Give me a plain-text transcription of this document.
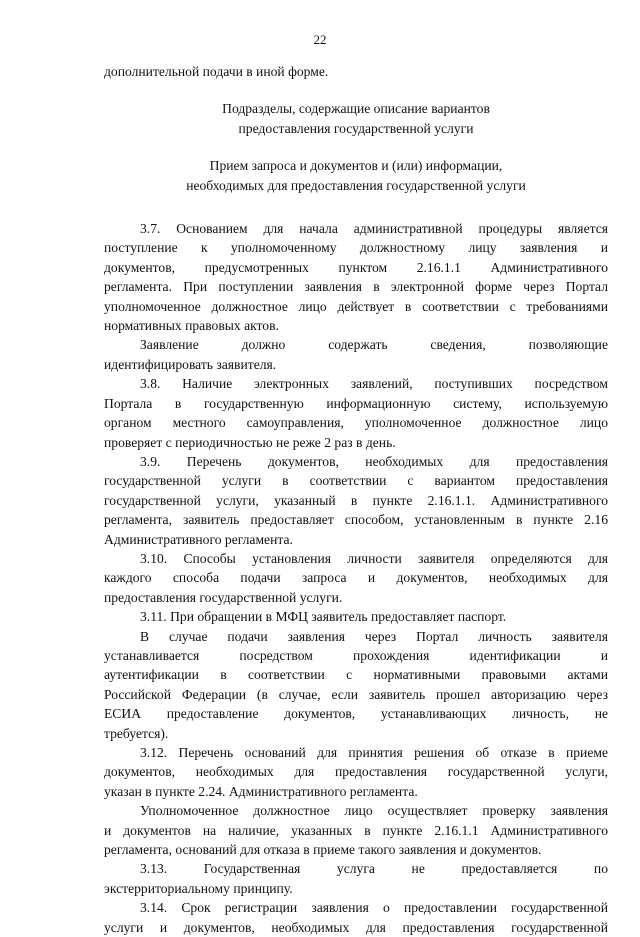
22
дополнительной подачи в иной форме.
Подразделы, содержащие описание вариантов
предоставления государственной услуги
Прием запроса и документов и (или) информации,
необходимых для предоставления государственной услуги
3.7. Основанием для начала административной процедуры является
поступление к уполномоченному должностному лицу заявления и
документов, предусмотренных пунктом 2.16.1.1 Административного
регламента. При поступлении заявления в электронной форме через Портал
уполномоченное должностное лицо действует в соответствии с требованиями
нормативных правовых актов.
Заявление должно содержать сведения, позволяющие
идентифицировать заявителя.
3.8. Наличие электронных заявлений, поступивших посредством
Портала в государственную информационную систему, используемую
органом местного самоуправления, уполномоченное должностное лицо
проверяет с периодичностью не реже 2 раз в день.
3.9. Перечень документов, необходимых для предоставления
государственной услуги в соответствии с вариантом предоставления
государственной услуги, указанный в пункте 2.16.1.1. Административного
регламента, заявитель предоставляет способом, установленным в пункте 2.16
Административного регламента.
3.10. Способы установления личности заявителя определяются для
каждого способа подачи запроса и документов, необходимых для
предоставления государственной услуги.
3.11. При обращении в МФЦ заявитель предоставляет паспорт.
В случае подачи заявления через Портал личность заявителя
устанавливается посредством прохождения идентификации и
аутентификации в соответствии с нормативными правовыми актами
Российской Федерации (в случае, если заявитель прошел авторизацию через
ЕСИА предоставление документов, устанавливающих личность, не
требуется).
3.12. Перечень оснований для принятия решения об отказе в приеме
документов, необходимых для предоставления государственной услуги,
указан в пункте 2.24. Административного регламента.
Уполномоченное должностное лицо осуществляет проверку заявления
и документов на наличие, указанных в пункте 2.16.1.1 Административного
регламента, оснований для отказа в приеме такого заявления и документов.
3.13. Государственная услуга не предоставляется по
экстерриториальному принципу.
3.14. Срок регистрации заявления о предоставлении государственной
услуги и документов, необходимых для предоставления государственной
